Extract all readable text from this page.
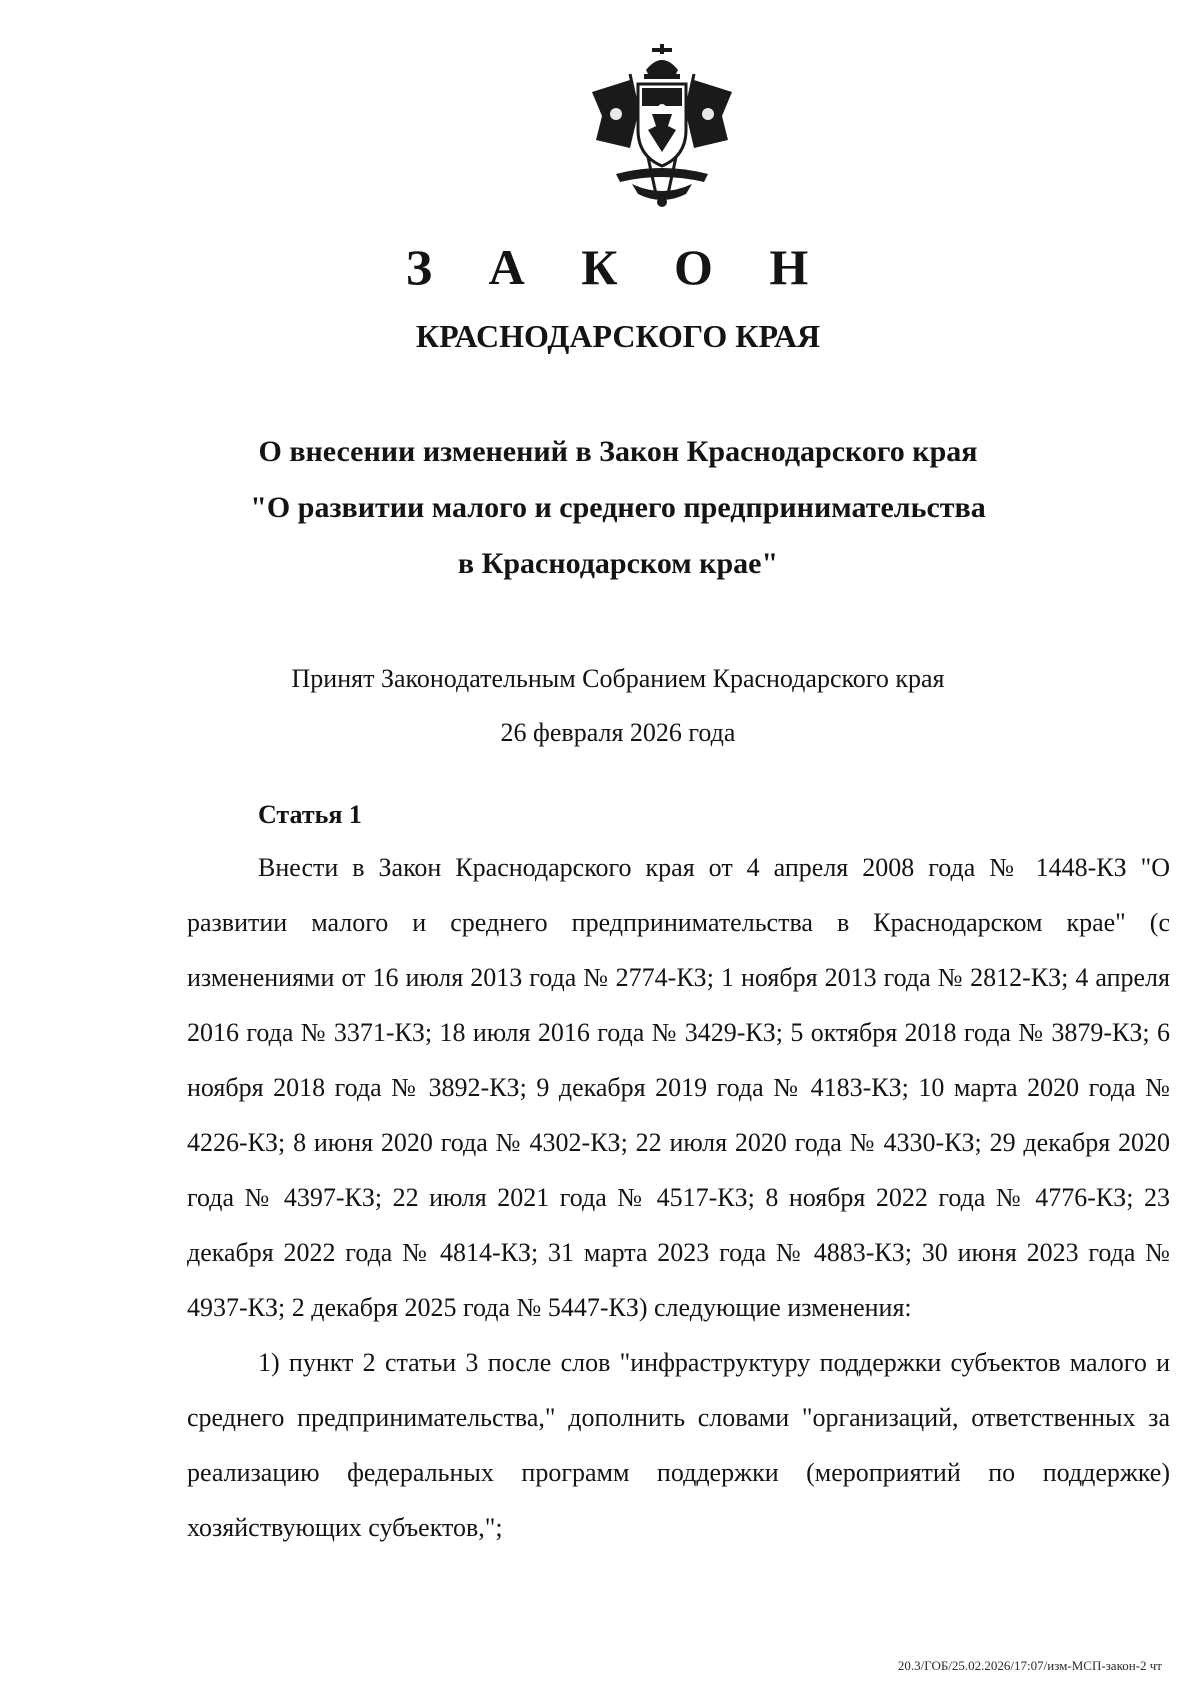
З А К О Н
КРАСНОДАРСКОГО КРАЯ
О внесении изменений в Закон Краснодарского края
"О развитии малого и среднего предпринимательства
в Краснодарском крае"
Принят Законодательным Собранием Краснодарского края
26 февраля 2026 года
Статья 1

Внести в Закон Краснодарского края от 4 апреля 2008 года № 1448-КЗ "О развитии малого и среднего предпринимательства в Краснодарском крае" (с изменениями от 16 июля 2013 года № 2774-КЗ; 1 ноября 2013 года № 2812-КЗ; 4 апреля 2016 года № 3371-КЗ; 18 июля 2016 года № 3429-КЗ; 5 октября 2018 года № 3879-КЗ; 6 ноября 2018 года № 3892-КЗ; 9 декабря 2019 года № 4183-КЗ; 10 марта 2020 года № 4226-КЗ; 8 июня 2020 года № 4302-КЗ; 22 июля 2020 года № 4330-КЗ; 29 декабря 2020 года № 4397-КЗ; 22 июля 2021 года № 4517-КЗ; 8 ноября 2022 года № 4776-КЗ; 23 декабря 2022 года № 4814-КЗ; 31 марта 2023 года № 4883-КЗ; 30 июня 2023 года № 4937-КЗ; 2 декабря 2025 года № 5447-КЗ) следующие изменения:

1) пункт 2 статьи 3 после слов "инфраструктуру поддержки субъектов малого и среднего предпринимательства," дополнить словами "организаций, ответственных за реализацию федеральных программ поддержки (мероприятий по поддержке) хозяйствующих субъектов,";

20.3/ГОБ/25.02.2026/17:07/изм-МСП-закон-2 чт
